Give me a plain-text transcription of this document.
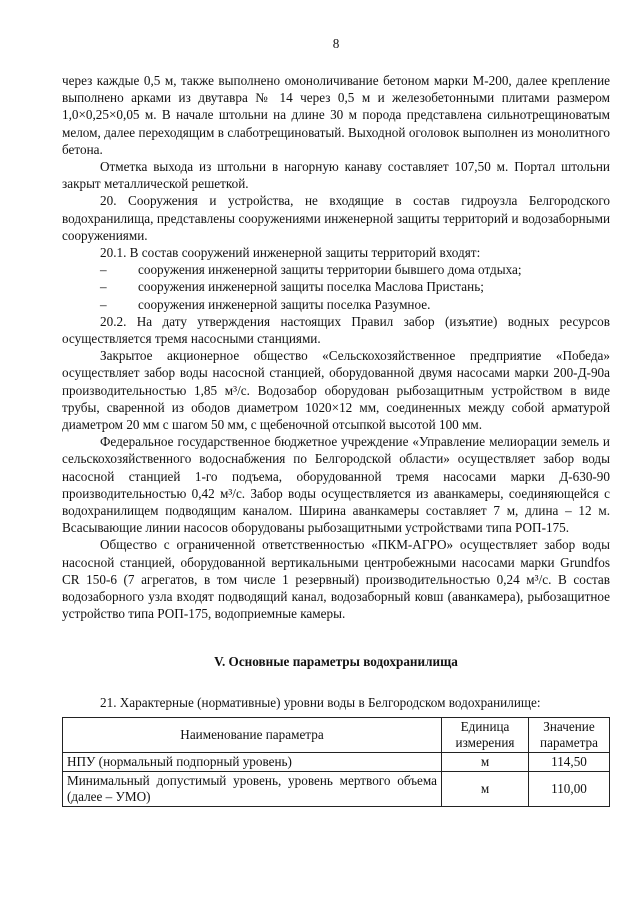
8

через каждые 0,5 м, также выполнено омоноличивание бетоном марки М-200, далее крепление выполнено арками из двутавра № 14 через 0,5 м и железобетонными плитами размером 1,0×0,25×0,05 м. В начале штольни на длине 30 м порода представлена сильнотрещиноватым мелом, далее переходящим в слаботрещиноватый. Выходной оголовок выполнен из монолитного бетона.

Отметка выхода из штольни в нагорную канаву составляет 107,50 м. Портал штольни закрыт металлической решеткой.

20. Сооружения и устройства, не входящие в состав гидроузла Белгородского водохранилища, представлены сооружениями инженерной защиты территорий и водозаборными сооружениями.

20.1. В состав сооружений инженерной защиты территорий входят:

– сооружения инженерной защиты территории бывшего дома отдыха;
– сооружения инженерной защиты поселка Маслова Пристань;
– сооружения инженерной защиты поселка Разумное.

20.2. На дату утверждения настоящих Правил забор (изъятие) водных ресурсов осуществляется тремя насосными станциями.

Закрытое акционерное общество «Сельскохозяйственное предприятие «Победа» осуществляет забор воды насосной станцией, оборудованной двумя насосами марки 200-Д-90а производительностью 1,85 м³/с. Водозабор оборудован рыбозащитным устройством в виде трубы, сваренной из ободов диаметром 1020×12 мм, соединенных между собой арматурой диаметром 20 мм с шагом 50 мм, с щебеночной отсыпкой высотой 100 мм.

Федеральное государственное бюджетное учреждение «Управление мелиорации земель и сельскохозяйственного водоснабжения по Белгородской области» осуществляет забор воды насосной станцией 1-го подъема, оборудованной тремя насосами марки Д-630-90 производительностью 0,42 м³/с. Забор воды осуществляется из аванкамеры, соединяющейся с водохранилищем подводящим каналом. Ширина аванкамеры составляет 7 м, длина – 12 м. Всасывающие линии насосов оборудованы рыбозащитными устройствами типа РОП-175.

Общество с ограниченной ответственностью «ПКМ-АГРО» осуществляет забор воды насосной станцией, оборудованной вертикальными центробежными насосами марки Grundfos CR 150-6 (7 агрегатов, в том числе 1 резервный) производительностью 0,24 м³/с. В состав водозаборного узла входят подводящий канал, водозаборный ковш (аванкамера), рыбозащитное устройство типа РОП-175, водоприемные камеры.

V. Основные параметры водохранилища

21. Характерные (нормативные) уровни воды в Белгородском водохранилище:

Наименование параметра	Единица измерения	Значение параметра
НПУ (нормальный подпорный уровень)	м	114,50
Минимальный допустимый уровень, уровень мертвого объема (далее – УМО)	м	110,00
